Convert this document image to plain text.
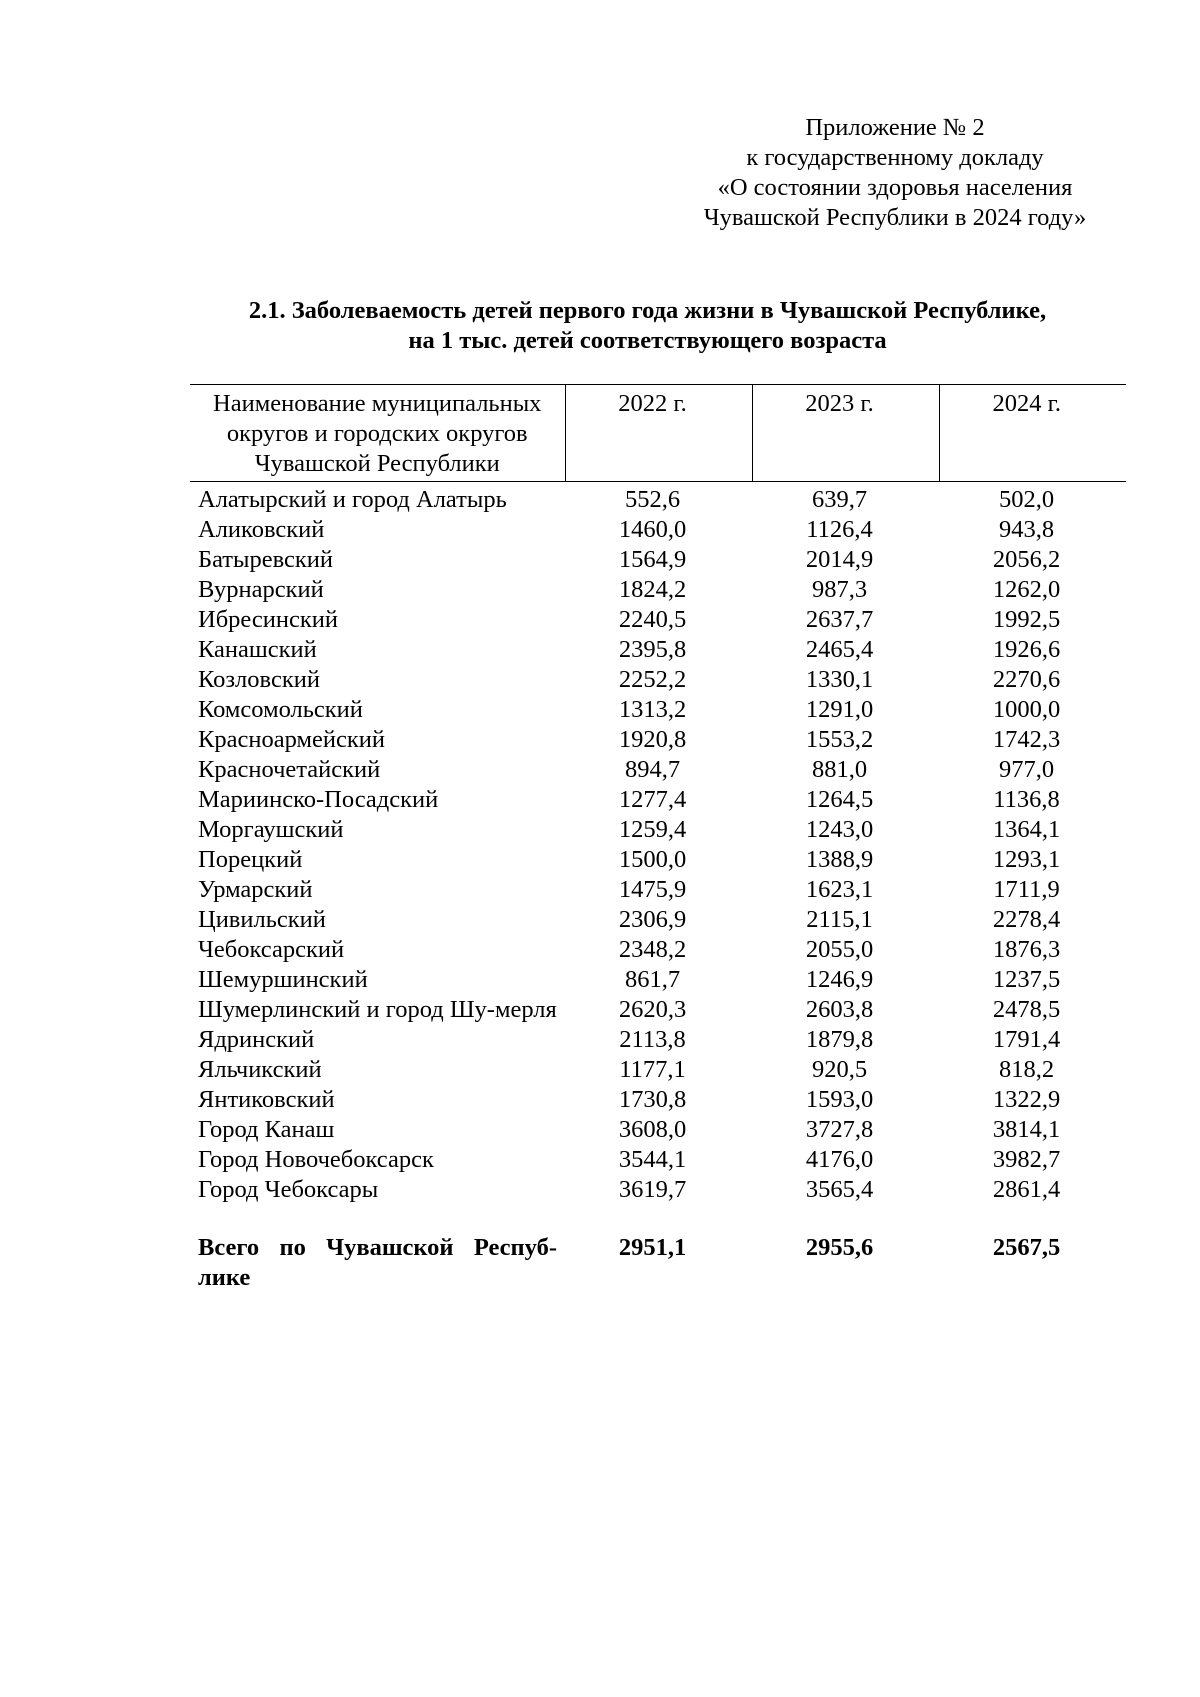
Приложение № 2
к государственному докладу
«О состоянии здоровья населения
Чувашской Республики в 2024 году»
2.1. Заболеваемость детей первого года жизни в Чувашской Республике,
на 1 тыс. детей соответствующего возраста
Наименование муниципальных округов и городских округов Чувашской Республики	2022 г.	2023 г.	2024 г.
Алатырский и город Алатырь	552,6	639,7	502,0
Аликовский	1460,0	1126,4	943,8
Батыревский	1564,9	2014,9	2056,2
Вурнарский	1824,2	987,3	1262,0
Ибресинский	2240,5	2637,7	1992,5
Канашский	2395,8	2465,4	1926,6
Козловский	2252,2	1330,1	2270,6
Комсомольский	1313,2	1291,0	1000,0
Красноармейский	1920,8	1553,2	1742,3
Красночетайский	894,7	881,0	977,0
Мариинско-Посадский	1277,4	1264,5	1136,8
Моргаушский	1259,4	1243,0	1364,1
Порецкий	1500,0	1388,9	1293,1
Урмарский	1475,9	1623,1	1711,9
Цивильский	2306,9	2115,1	2278,4
Чебоксарский	2348,2	2055,0	1876,3
Шемуршинский	861,7	1246,9	1237,5
Шумерлинский и город Шу-мерля	2620,3	2603,8	2478,5
Ядринский	2113,8	1879,8	1791,4
Яльчикский	1177,1	920,5	818,2
Янтиковский	1730,8	1593,0	1322,9
Город Канаш	3608,0	3727,8	3814,1
Город Новочебоксарск	3544,1	4176,0	3982,7
Город Чебоксары	3619,7	3565,4	2861,4
Всего по Чувашской Респуб-лике	2951,1	2955,6	2567,5
